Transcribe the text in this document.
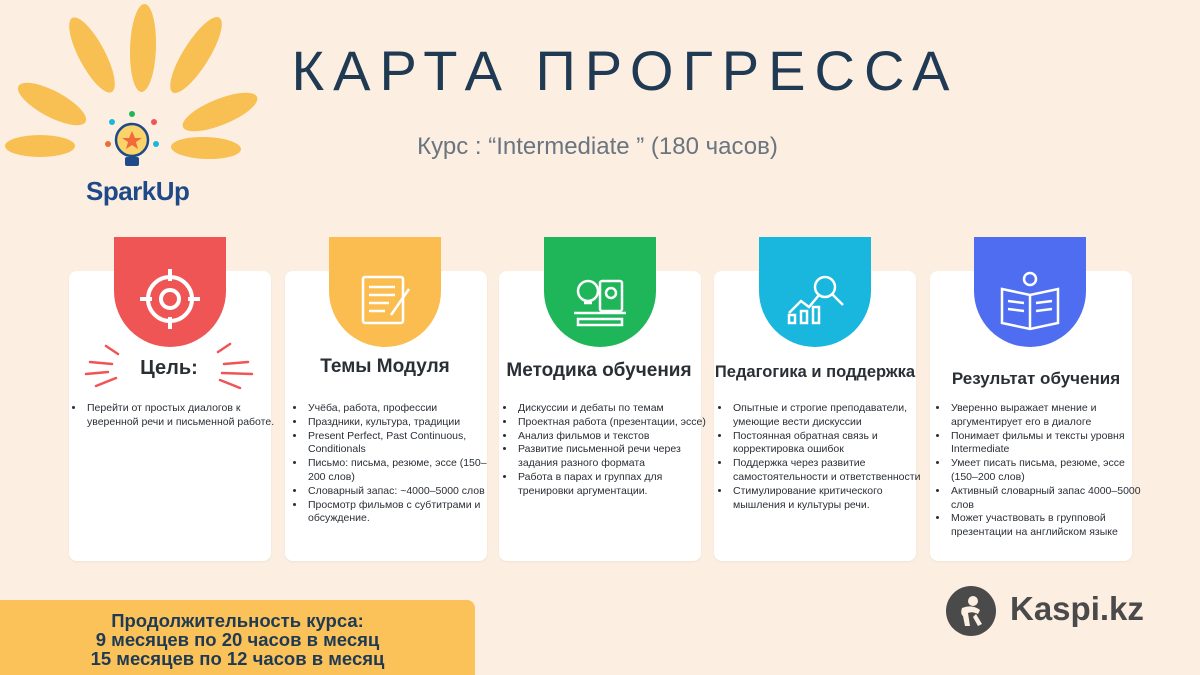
SparkUp
КАРТА ПРОГРЕССА
Курс : “Intermediate ” (180 часов)
Цель:
• Перейти от простых диалогов к уверенной речи и письменной работе.
Темы Модуля
• Учёба, работа, профессии
• Праздники, культура, традиции
• Present Perfect, Past Continuous, Conditionals
• Письмо: письма, резюме, эссе (150–200 слов)
• Словарный запас: ~4000–5000 слов
• Просмотр фильмов с субтитрами и обсуждение.
Методика обучения
• Дискуссии и дебаты по темам
• Проектная работа (презентации, эссе)
• Анализ фильмов и текстов
• Развитие письменной речи через задания разного формата
• Работа в парах и группах для тренировки аргументации.
Педагогика и поддержка
• Опытные и строгие преподаватели, умеющие вести дискуссии
• Постоянная обратная связь и корректировка ошибок
• Поддержка через развитие самостоятельности и ответственности
• Стимулирование критического мышления и культуры речи.
Результат обучения
• Уверенно выражает мнение и аргументирует его в диалоге
• Понимает фильмы и тексты уровня Intermediate
• Умеет писать письма, резюме, эссе (150–200 слов)
• Активный словарный запас 4000–5000 слов
• Может участвовать в групповой презентации на английском языке
Продолжительность курса:
9 месяцев по 20 часов в месяц
15 месяцев по 12 часов в месяц
Kaspi.kz
